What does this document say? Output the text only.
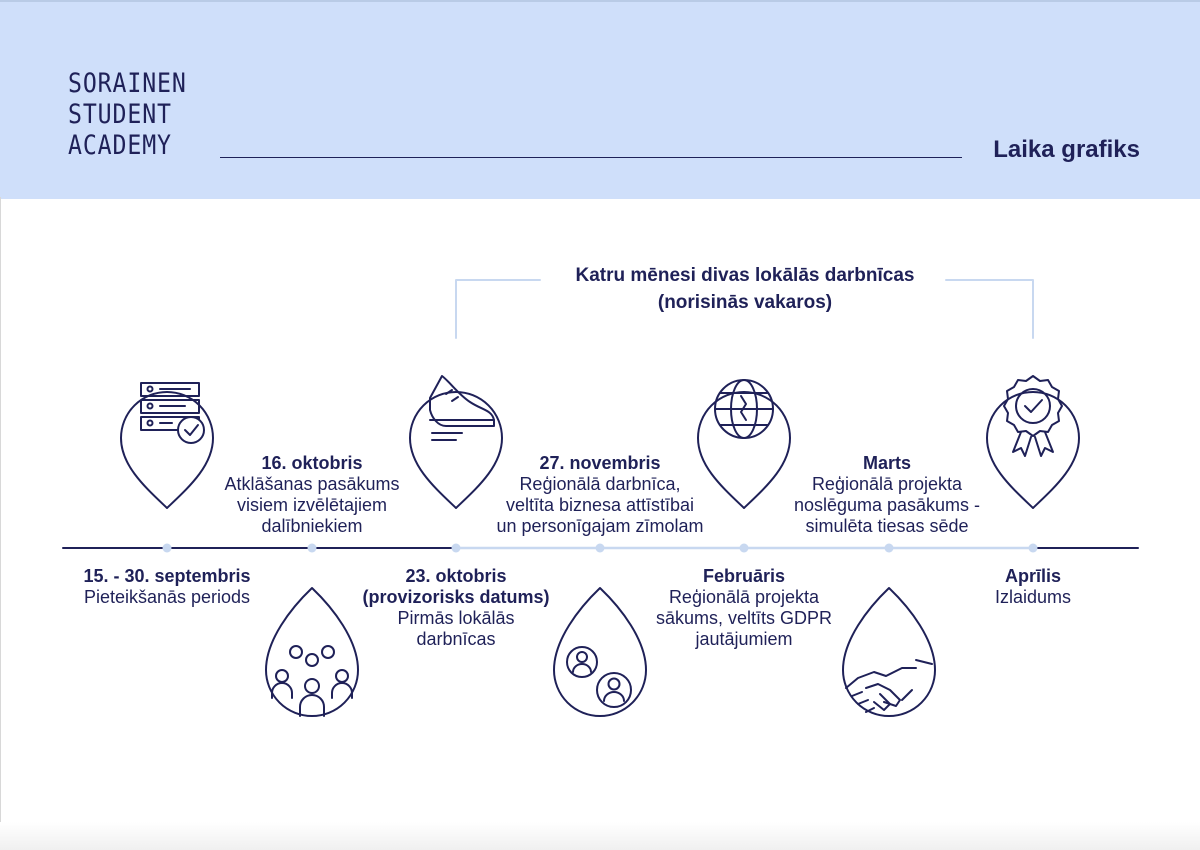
SORAINEN
STUDENT
ACADEMY	Laika grafiks
Katru mēnesi divas lokālās darbnīcas
(norisinās vakaros)
15. - 30. septembris
Pieteikšanās periods
16. oktobris
Atklāšanas pasākums
visiem izvēlētajiem
dalībniekiem
23. oktobris
(provizorisks datums)
Pirmās lokālās
darbnīcas
27. novembris
Reģionālā darbnīca,
veltīta biznesa attīstībai
un personīgajam zīmolam
Februāris
Reģionālā projekta
sākums, veltīts GDPR
jautājumiem
Marts
Reģionālā projekta
noslēguma pasākums -
simulēta tiesas sēde
Aprīlis
Izlaidums
